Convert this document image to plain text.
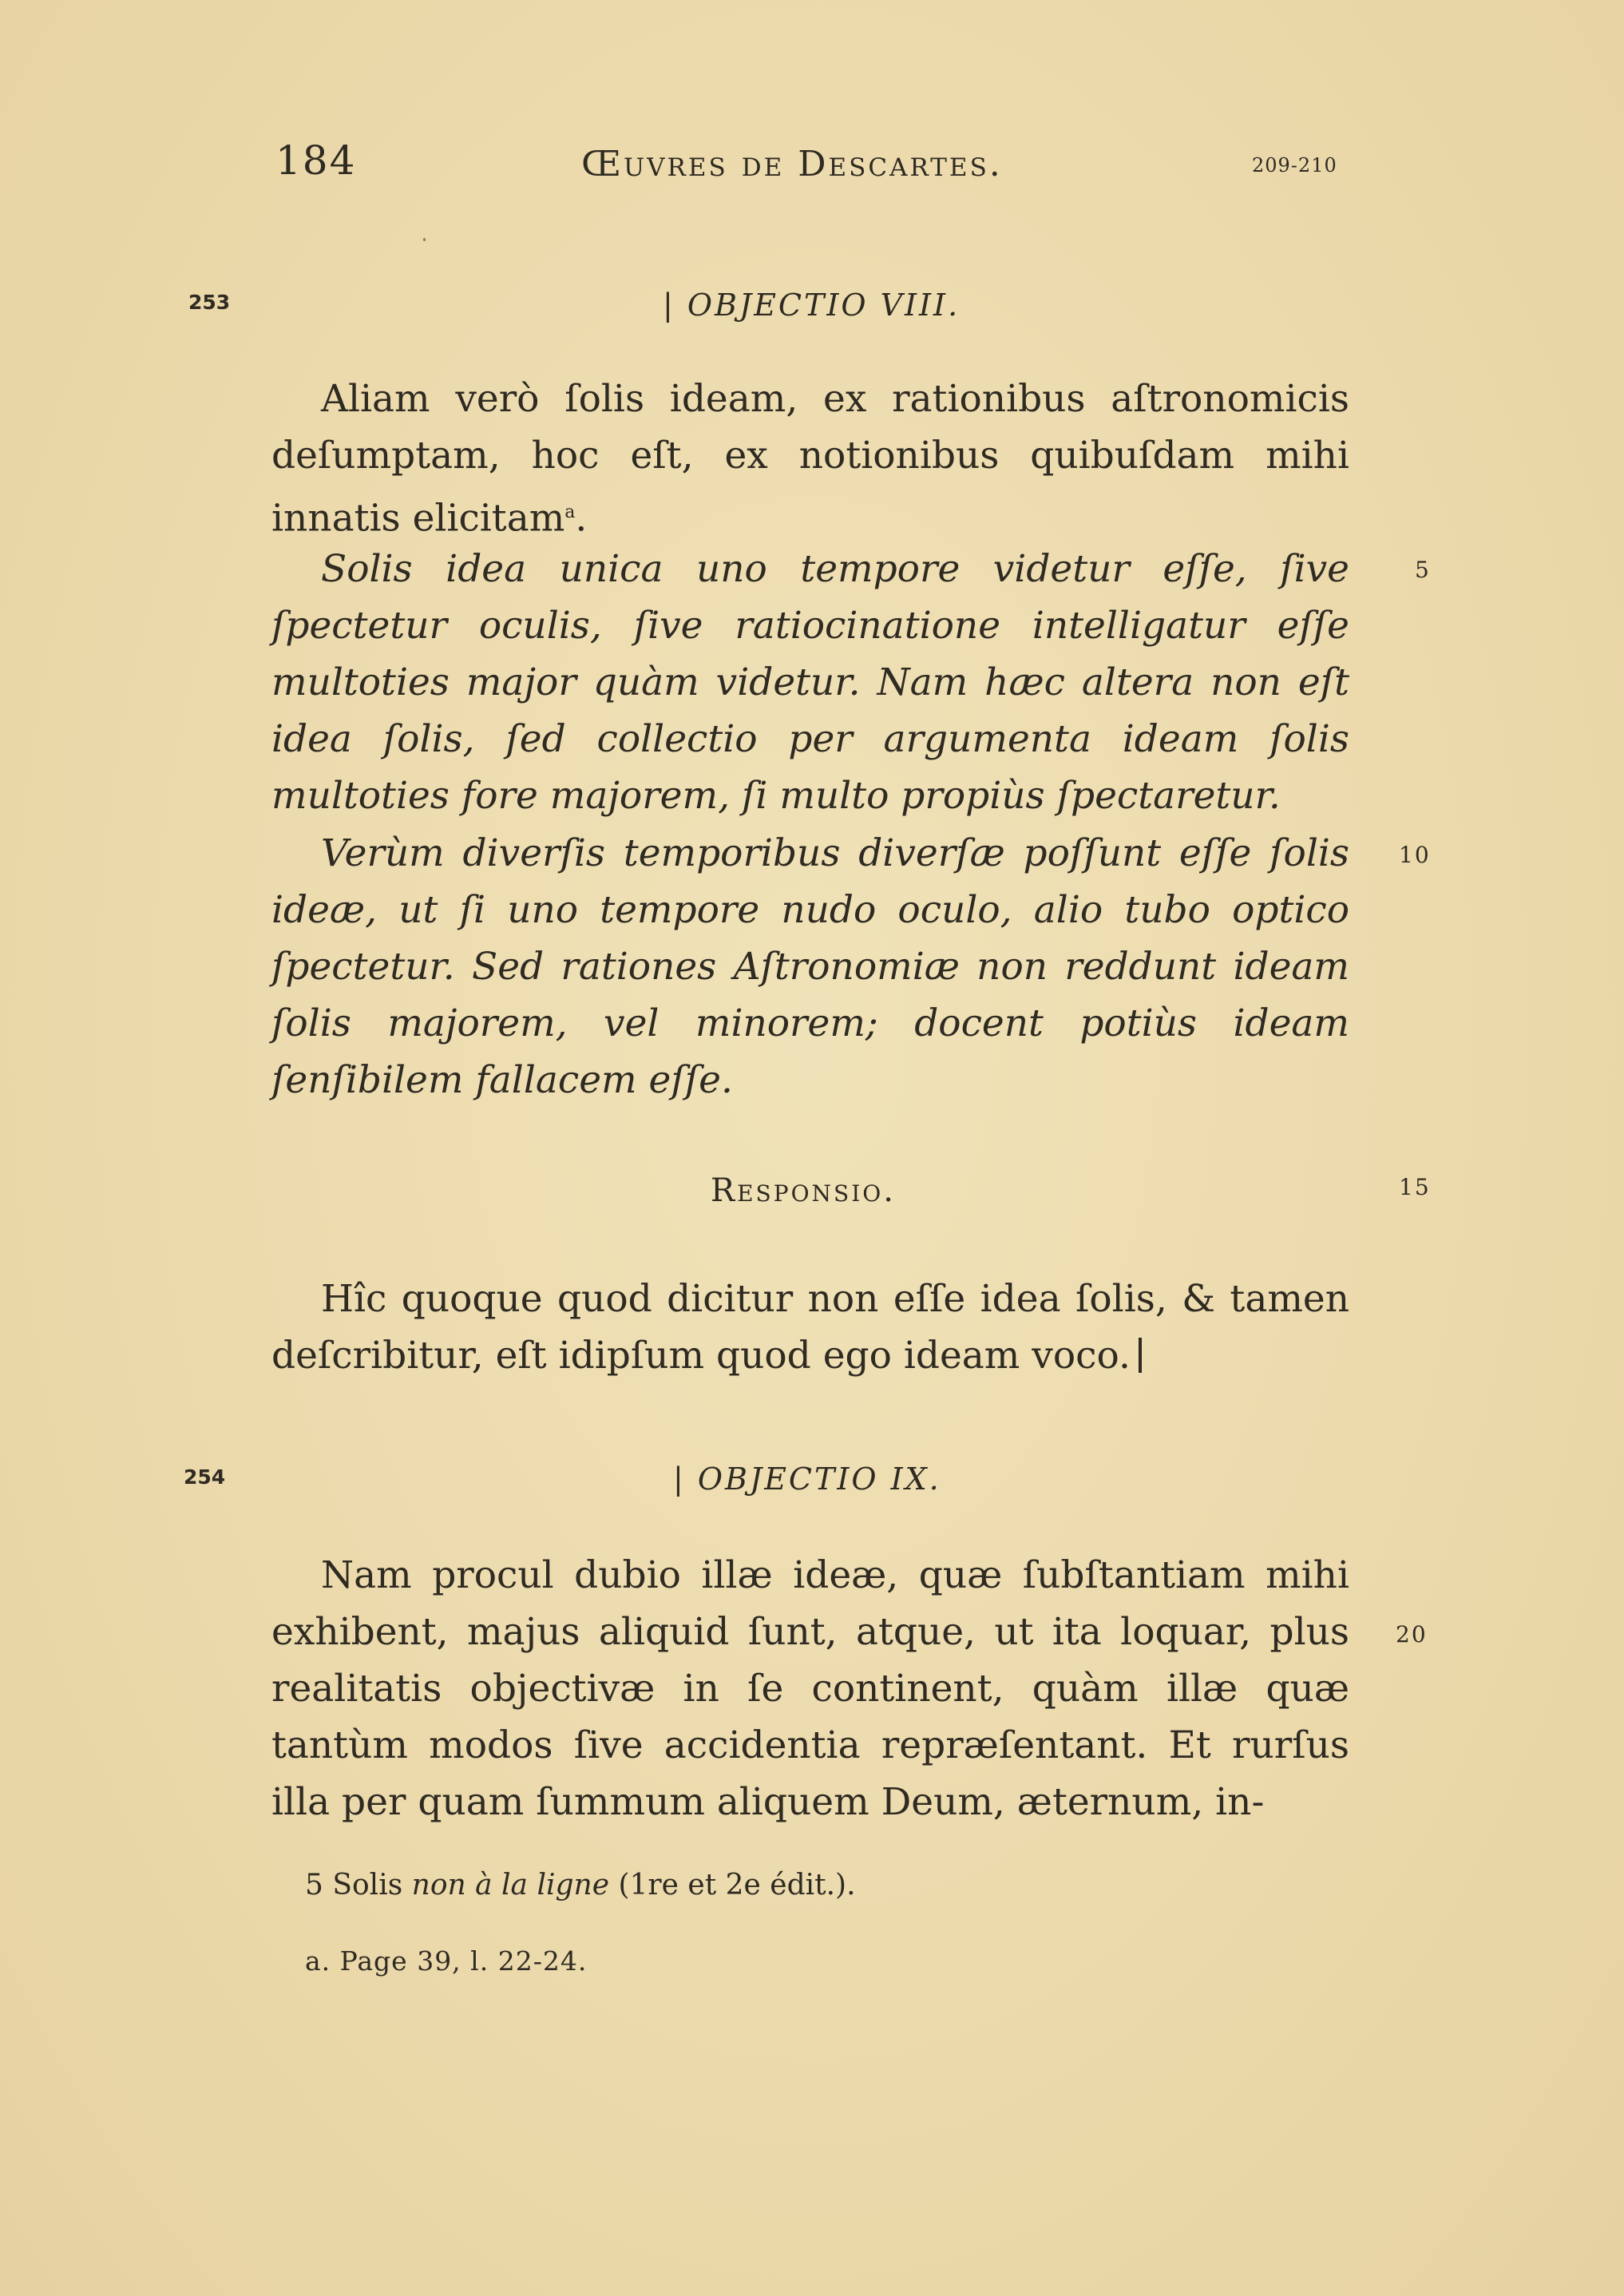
184	Œuvres de Descartes.	209-210
253	| OBJECTIO VIII.
Aliam verò ſolis ideam, ex rationibus aſtronomicis deſumptam, hoc eſt, ex notionibus quibuſdam mihi innatis elicitam$^a$.
5
Solis idea unica uno tempore videtur eſſe, ſive ſpectetur oculis, ſive ratiocinatione intelligatur eſſe multoties major quàm videtur. Nam hæc altera non eſt idea ſolis, ſed collectio per argumenta ideam ſolis multoties fore majorem, ſi multo propiùs ſpectaretur.
10
Verùm diverſis temporibus diverſæ poſſunt eſſe ſolis ideæ, ut ſi uno tempore nudo oculo, alio tubo optico ſpectetur. Sed rationes Aſtronomiæ non reddunt ideam ſolis majorem, vel minorem; docent potiùs ideam ſenſibilem fallacem eſſe.
Responsio.	15
Hîc quoque quod dicitur non eſſe idea ſolis, & tamen deſcribitur, eſt idipſum quod ego ideam voco.
254	| OBJECTIO IX.
20
Nam procul dubio illæ ideæ, quæ ſubſtantiam mihi exhibent, majus aliquid ſunt, atque, ut ita loquar, plus realitatis objectivæ in ſe continent, quàm illæ quæ tantùm modos ſive accidentia repræſentant. Et rurſus illa per quam ſummum aliquem Deum, æternum, in-
5 Solis non à la ligne (1re et 2e édit.).
a. Page 39, l. 22-24.
